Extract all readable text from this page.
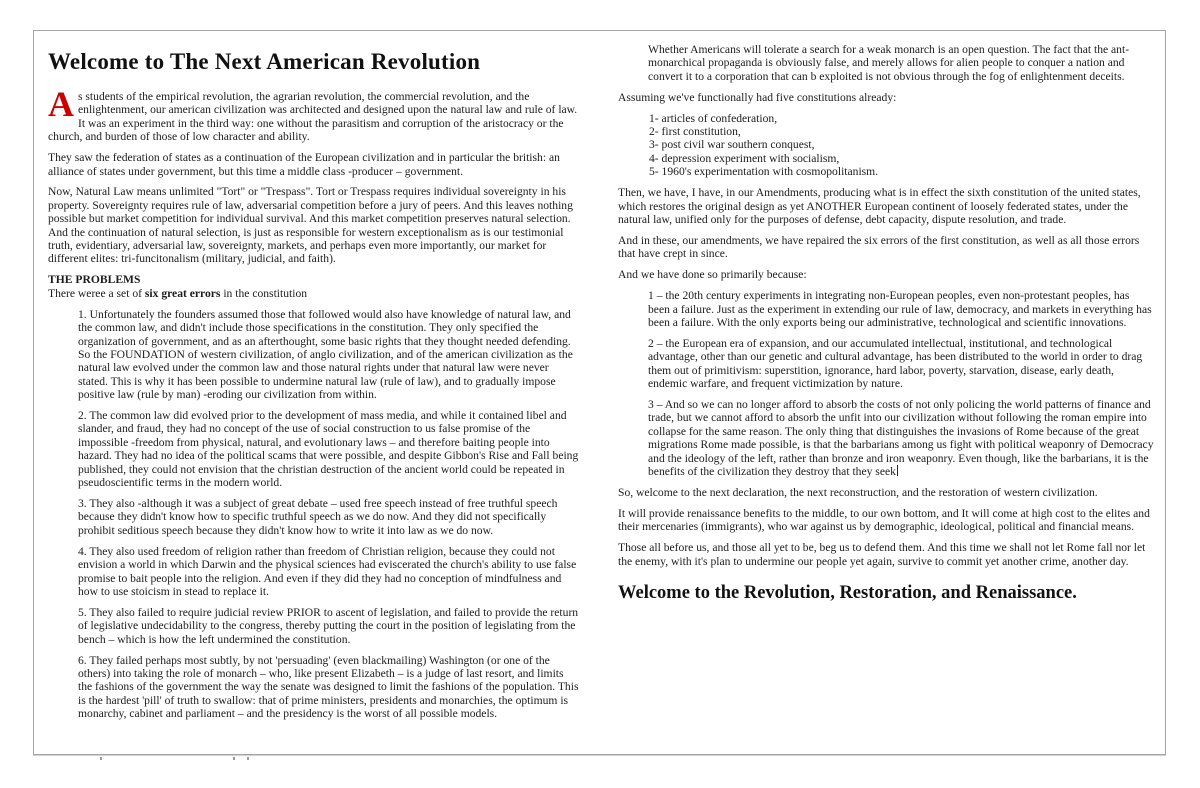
Welcome to The Next American Revolution

As students of the empirical revolution, the agrarian revolution, the commercial revolution, and the enlightenment, our american civilization was architected and designed upon the natural law and rule of law. It was an experiment in the third way: one without the parasitism and corruption of the aristocracy or the church, and burden of those of low character and ability.

They saw the federation of states as a continuation of the European civilization and in particular the british: an alliance of states under government, but this time a middle class -producer – government.

Now, Natural Law means unlimited "Tort" or "Trespass". Tort or Trespass requires individual sovereignty in his property. Sovereignty requires rule of law, adversarial competition before a jury of peers. And this leaves nothing possible but market competition for individual survival. And this market competition preserves natural selection. And the continuation of natural selection, is just as responsible for western exceptionalism as is our testimonial truth, evidentiary, adversarial law, sovereignty, markets, and perhaps even more importantly, our market for different elites: tri-funcitonalism (military, judicial, and faith).

THE PROBLEMS

There weree a set of six great errors in the constitution

1. Unfortunately the founders assumed those that followed would also have knowledge of natural law, and the common law, and didn't include those specifications in the constitution. They only specified the organization of government, and as an afterthought, some basic rights that they thought needed defending. So the FOUNDATION of western civilization, of anglo civilization, and of the american civilization as the natural law evolved under the common law and those natural rights under that natural law were never stated. This is why it has been possible to undermine natural law (rule of law), and to gradually impose positive law (rule by man) -eroding our civilization from within.

2. The common law did evolved prior to the development of mass media, and while it contained libel and slander, and fraud, they had no concept of the use of social construction to us false promise of the impossible -freedom from physical, natural, and evolutionary laws – and therefore baiting people into hazard. They had no idea of the political scams that were possible, and despite Gibbon's Rise and Fall being published, they could not envision that the christian destruction of the ancient world could be repeated in pseudoscientific terms in the modern world.

3. They also -although it was a subject of great debate – used free speech instead of free truthful speech because they didn't know how to specific truthful speech as we do now. And they did not specifically prohibit seditious speech because they didn't know how to write it into law as we do now.

4. They also used freedom of religion rather than freedom of Christian religion, because they could not envision a world in which Darwin and the physical sciences had eviscerated the church's ability to use false promise to bait people into the religion. And even if they did they had no conception of mindfulness and how to use stoicism in stead to replace it.

5. They also failed to require judicial review PRIOR to ascent of legislation, and failed to provide the return of legislative undecidability to the congress, thereby putting the court in the position of legislating from the bench – which is how the left undermined the constitution.

6. They failed perhaps most subtly, by not 'persuading' (even blackmailing) Washington (or one of the others) into taking the role of monarch – who, like present Elizabeth – is a judge of last resort, and limits the fashions of the government the way the senate was designed to limit the fashions of the population. This is the hardest 'pill' of truth to swallow: that of prime ministers, presidents and monarchies, the optimum is monarchy, cabinet and parliament – and the presidency is the worst of all possible models.

Whether Americans will tolerate a search for a weak monarch is an open question. The fact that the ant-monarchical propaganda is obviously false, and merely allows for alien people to conquer a nation and convert it to a corporation that can b exploited is not obvious through the fog of enlightenment deceits.

Assuming we've functionally had five constitutions already:

1- articles of confederation,

2- first constitution,

3- post civil war southern conquest,

4- depression experiment with socialism,

5- 1960's experimentation with cosmopolitanism.

Then, we have, I have, in our Amendments, producing what is in effect the sixth constitution of the united states, which restores the original design as yet ANOTHER European continent of loosely federated states, under the natural law, unified only for the purposes of defense, debt capacity, dispute resolution, and trade.

And in these, our amendments, we have repaired the six errors of the first constitution, as well as all those errors that have crept in since.

And we have done so primarily because:

1 – the 20th century experiments in integrating non-European peoples, even non-protestant peoples, has been a failure. Just as the experiment in extending our rule of law, democracy, and markets in everything has been a failure. With the only exports being our administrative, technological and scientific innovations.

2 – the European era of expansion, and our accumulated intellectual, institutional, and technological advantage, other than our genetic and cultural advantage, has been distributed to the world in order to drag them out of primitivism: superstition, ignorance, hard labor, poverty, starvation, disease, early death, endemic warfare, and frequent victimization by nature.

3 – And so we can no longer afford to absorb the costs of not only policing the world patterns of finance and trade, but we cannot afford to absorb the unfit into our civilization without following the roman empire into collapse for the same reason. The only thing that distinguishes the invasions of Rome because of the great migrations Rome made possible, is that the barbarians among us fight with political weaponry of Democracy and the ideology of the left, rather than bronze and iron weaponry. Even though, like the barbarians, it is the benefits of the civilization they destroy that they seek

So, welcome to the next declaration, the next reconstruction, and the restoration of western civilization.

It will provide renaissance benefits to the middle, to our own bottom, and It will come at high cost to the elites and their mercenaries (immigrants), who war against us by demographic, ideological, political and financial means.

Those all before us, and those all yet to be, beg us to defend them. And this time we shall not let Rome fall nor let the enemy, with it's plan to undermine our people yet again, survive to commit yet another crime, another day.

Welcome to the Revolution, Restoration, and Renaissance.
